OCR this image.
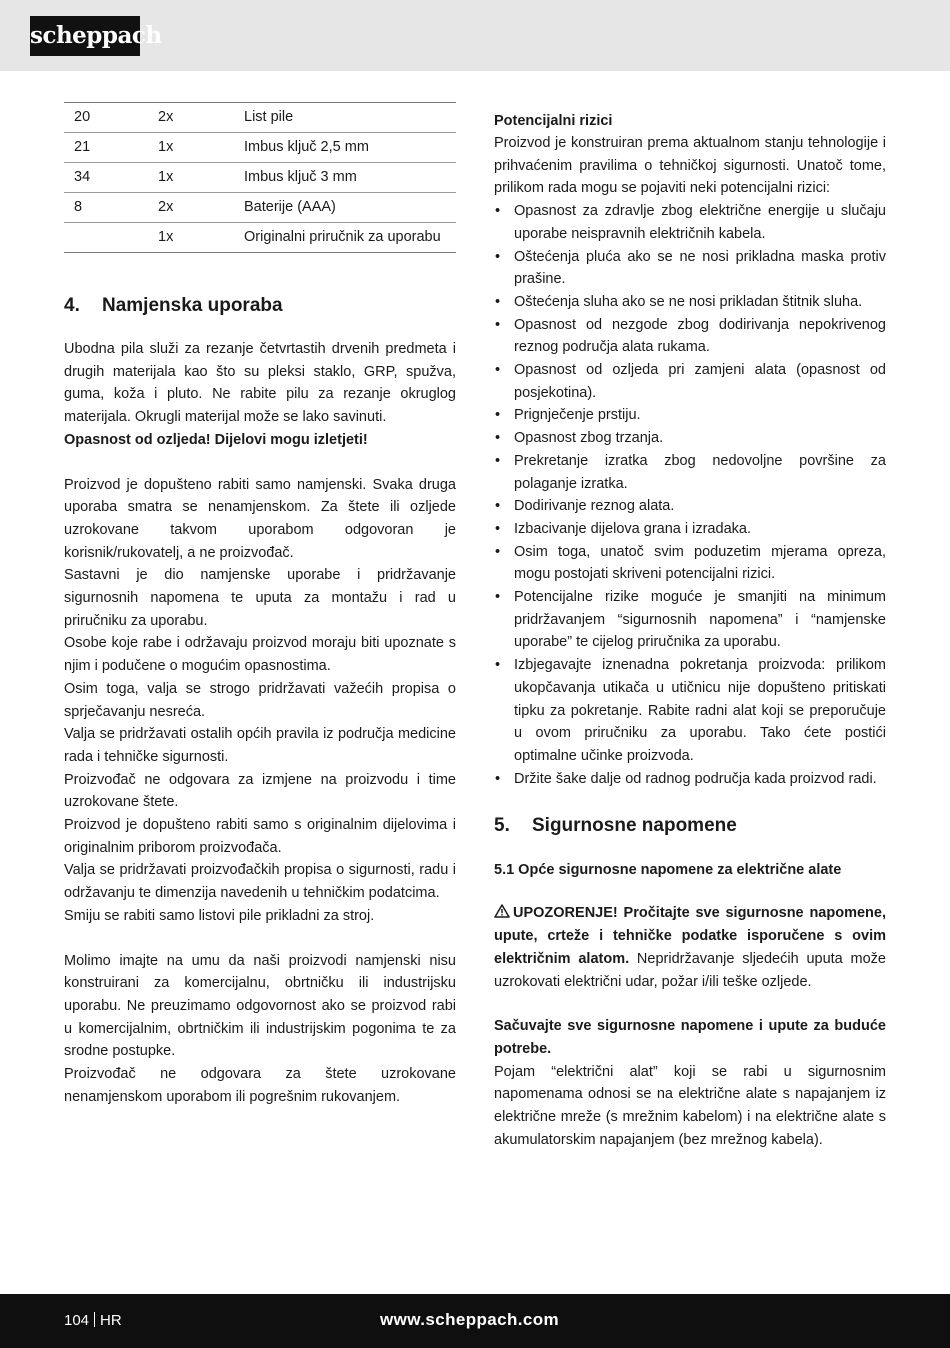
scheppach
20	2x	List pile
21	1x	Imbus ključ 2,5 mm
34	1x	Imbus ključ 3 mm
8	2x	Baterije (AAA)
	1x	Originalni priručnik za uporabu
4. Namjenska uporaba

Ubodna pila služi za rezanje četvrtastih drvenih predmeta i drugih materijala kao što su pleksi staklo, GRP, spužva, guma, koža i pluto. Ne rabite pilu za rezanje okruglog materijala. Okrugli materijal može se lako savinuti.

Opasnost od ozljeda! Dijelovi mogu izletjeti!

Proizvod je dopušteno rabiti samo namjenski. Svaka druga uporaba smatra se nenamjenskom. Za štete ili ozljede uzrokovane takvom uporabom odgovoran je korisnik/rukovatelj, a ne proizvođač.

Sastavni je dio namjenske uporabe i pridržavanje sigurnosnih napomena te uputa za montažu i rad u priručniku za uporabu.

Osobe koje rabe i održavaju proizvod moraju biti upoznate s njim i podučene o mogućim opasnostima.

Osim toga, valja se strogo pridržavati važećih propisa o sprječavanju nesreća.

Valja se pridržavati ostalih općih pravila iz područja medicine rada i tehničke sigurnosti.

Proizvođač ne odgovara za izmjene na proizvodu i time uzrokovane štete.

Proizvod je dopušteno rabiti samo s originalnim dijelovima i originalnim priborom proizvođača.

Valja se pridržavati proizvođačkih propisa o sigurnosti, radu i održavanju te dimenzija navedenih u tehničkim podatcima.

Smiju se rabiti samo listovi pile prikladni za stroj.

Molimo imajte na umu da naši proizvodi namjenski nisu konstruirani za komercijalnu, obrtničku ili industrijsku uporabu. Ne preuzimamo odgovornost ako se proizvod rabi u komercijalnim, obrtničkim ili industrijskim pogonima te za srodne postupke.

Proizvođač ne odgovara za štete uzrokovane nenamjenskom uporabom ili pogrešnim rukovanjem.

Potencijalni rizici

Proizvod je konstruiran prema aktualnom stanju tehnologije i prihvaćenim pravilima o tehničkoj sigurnosti. Unatoč tome, prilikom rada mogu se pojaviti neki potencijalni rizici:

• Opasnost za zdravlje zbog električne energije u slučaju uporabe neispravnih električnih kabela.
• Oštećenja pluća ako se ne nosi prikladna maska protiv prašine.
• Oštećenja sluha ako se ne nosi prikladan štitnik sluha.
• Opasnost od nezgode zbog dodirivanja nepokrivenog reznog područja alata rukama.
• Opasnost od ozljeda pri zamjeni alata (opasnost od posjekotina).
• Prignječenje prstiju.
• Opasnost zbog trzanja.
• Prekretanje izratka zbog nedovoljne površine za polaganje izratka.
• Dodirivanje reznog alata.
• Izbacivanje dijelova grana i izradaka.
• Osim toga, unatoč svim poduzetim mjerama opreza, mogu postojati skriveni potencijalni rizici.
• Potencijalne rizike moguće je smanjiti na minimum pridržavanjem “sigurnosnih napomena” i “namjenske uporabe” te cijelog priručnika za uporabu.
• Izbjegavajte iznenadna pokretanja proizvoda: prilikom ukopčavanja utikača u utičnicu nije dopušteno pritiskati tipku za pokretanje. Rabite radni alat koji se preporučuje u ovom priručniku za uporabu. Tako ćete postići optimalne učinke proizvoda.
• Držite šake dalje od radnog područja kada proizvod radi.
5. Sigurnosne napomene
5.1 Opće sigurnosne napomene za električne alate

UPOZORENJE! Pročitajte sve sigurnosne napomene, upute, crteže i tehničke podatke isporučene s ovim električnim alatom. Nepridržavanje sljedećih uputa može uzrokovati električni udar, požar i/ili teške ozljede.

Sačuvajte sve sigurnosne napomene i upute za buduće potrebe.

Pojam “električni alat” koji se rabi u sigurnosnim napomenama odnosi se na električne alate s napajanjem iz električne mreže (s mrežnim kabelom) i na električne alate s akumulatorskim napajanjem (bez mrežnog kabela).

104 HR	www.scheppach.com
